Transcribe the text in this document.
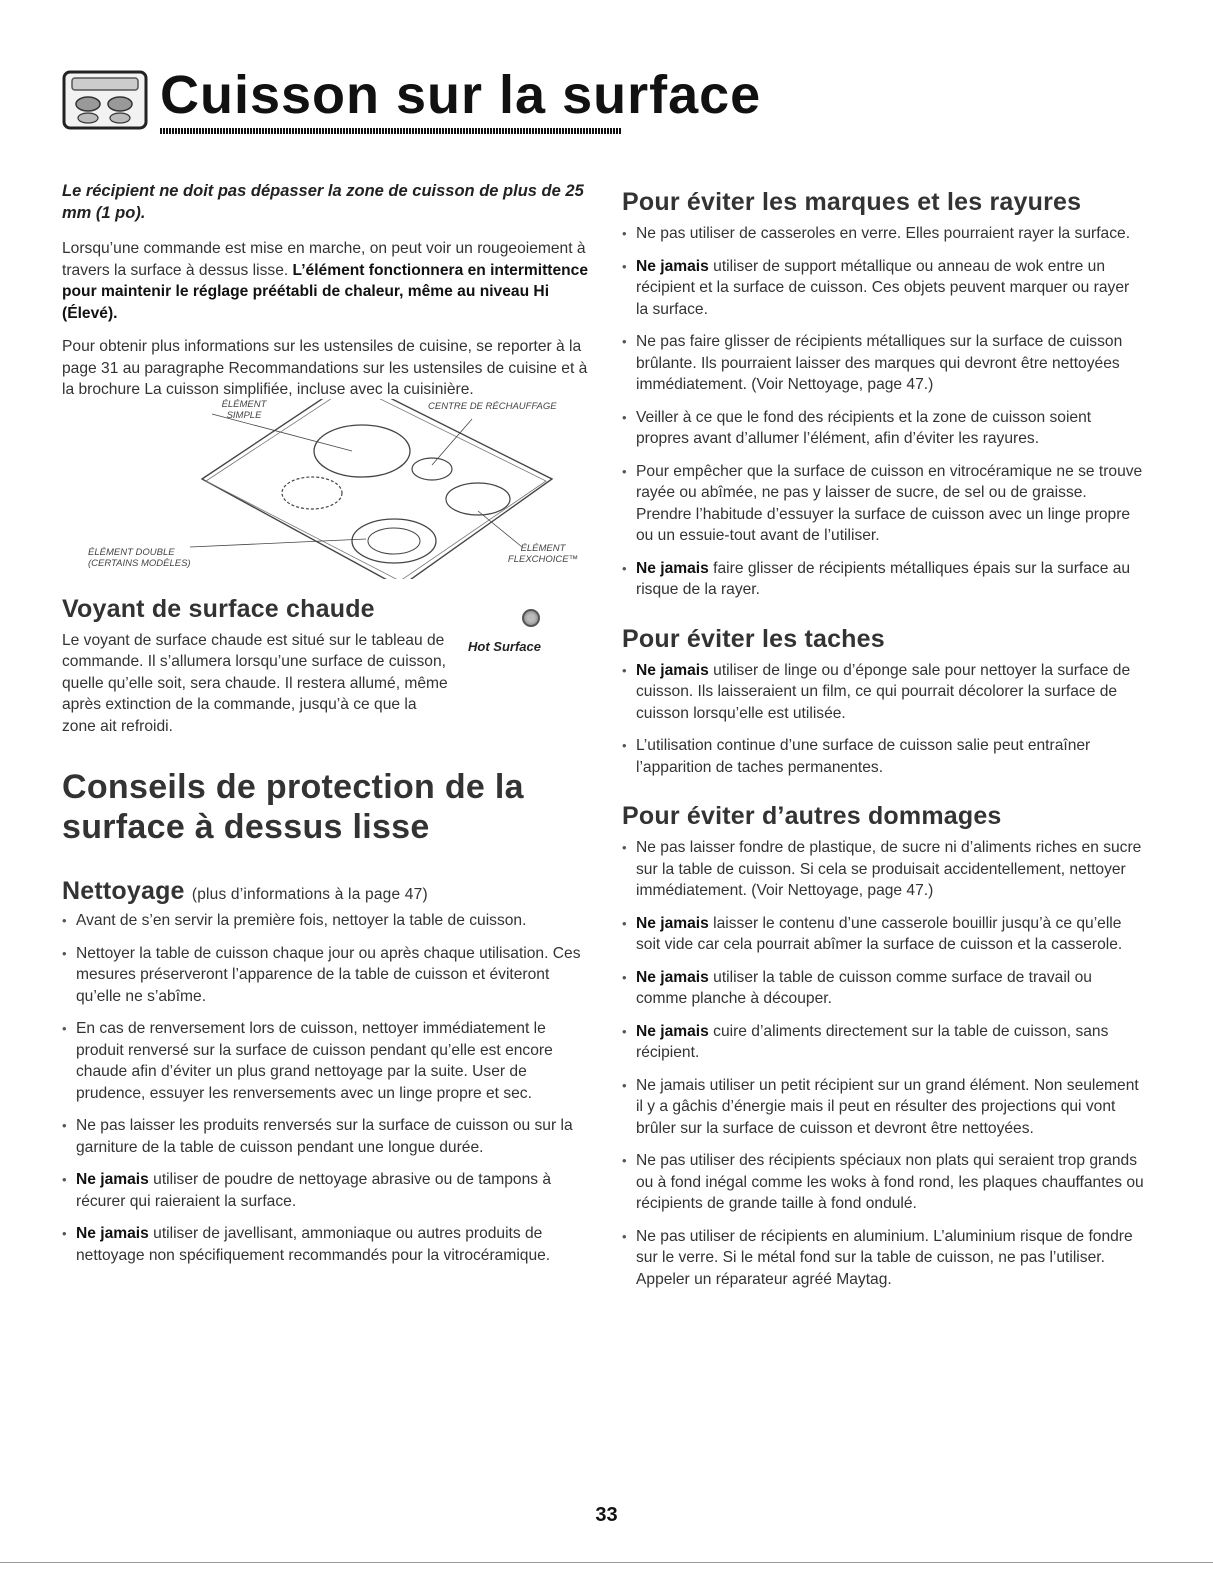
Cuisson sur la surface

Le récipient ne doit pas dépasser la zone de cuisson de plus de 25 mm (1 po).

Lorsqu’une commande est mise en marche, on peut voir un rougeoiement à travers la surface à dessus lisse. L’élément fonctionnera en intermittence pour maintenir le réglage préétabli de chaleur, même au niveau Hi (Élevé).

Pour obtenir plus informations sur les ustensiles de cuisine, se reporter à la page 31 au paragraphe Recommandations sur les ustensiles de cuisine et à la brochure La cuisson simplifiée, incluse avec la cuisinière.

ÉLÉMENT SIMPLE
CENTRE DE RÉCHAUFFAGE
ÉLÉMENT DOUBLE (CERTAINS MODÈLES)
ÉLÉMENT FLEXCHOICE™
Voyant de surface chaude
Hot Surface

Le voyant de surface chaude est situé sur le tableau de commande. Il s’allumera lorsqu’une surface de cuisson, quelle qu’elle soit, sera chaude. Il restera allumé, même après extinction de la commande, jusqu’à ce que la zone ait refroidi.

Conseils de protection de la surface à dessus lisse
Nettoyage (plus d’informations à la page 47)
• Avant de s’en servir la première fois, nettoyer la table de cuisson.
• Nettoyer la table de cuisson chaque jour ou après chaque utilisation. Ces mesures préserveront l’apparence de la table de cuisson et éviteront qu’elle ne s’abîme.
• En cas de renversement lors de cuisson, nettoyer immédiatement le produit renversé sur la surface de cuisson pendant qu’elle est encore chaude afin d’éviter un plus grand nettoyage par la suite. User de prudence, essuyer les renversements avec un linge propre et sec.
• Ne pas laisser les produits renversés sur la surface de cuisson ou sur la garniture de la table de cuisson pendant une longue durée.
• Ne jamais utiliser de poudre de nettoyage abrasive ou de tampons à récurer qui raieraient la surface.
• Ne jamais utiliser de javellisant, ammoniaque ou autres produits de nettoyage non spécifiquement recommandés pour la vitrocéramique.
Pour éviter les marques et les rayures
• Ne pas utiliser de casseroles en verre. Elles pourraient rayer la surface.
• Ne jamais utiliser de support métallique ou anneau de wok entre un récipient et la surface de cuisson. Ces objets peuvent marquer ou rayer la surface.
• Ne pas faire glisser de récipients métalliques sur la surface de cuisson brûlante. Ils pourraient laisser des marques qui devront être nettoyées immédiatement. (Voir Nettoyage, page 47.)
• Veiller à ce que le fond des récipients et la zone de cuisson soient propres avant d’allumer l’élément, afin d’éviter les rayures.
• Pour empêcher que la surface de cuisson en vitrocéramique ne se trouve rayée ou abîmée, ne pas y laisser de sucre, de sel ou de graisse. Prendre l’habitude d’essuyer la surface de cuisson avec un linge propre ou un essuie-tout avant de l’utiliser.
• Ne jamais faire glisser de récipients métalliques épais sur la surface au risque de la rayer.
Pour éviter les taches
• Ne jamais utiliser de linge ou d’éponge sale pour nettoyer la surface de cuisson. Ils laisseraient un film, ce qui pourrait décolorer la surface de cuisson lorsqu’elle est utilisée.
• L’utilisation continue d’une surface de cuisson salie peut entraîner l’apparition de taches permanentes.
Pour éviter d’autres dommages
• Ne pas laisser fondre de plastique, de sucre ni d’aliments riches en sucre sur la table de cuisson. Si cela se produisait accidentellement, nettoyer immédiatement. (Voir Nettoyage, page 47.)
• Ne jamais laisser le contenu d’une casserole bouillir jusqu’à ce qu’elle soit vide car cela pourrait abîmer la surface de cuisson et la casserole.
• Ne jamais utiliser la table de cuisson comme surface de travail ou comme planche à découper.
• Ne jamais cuire d’aliments directement sur la table de cuisson, sans récipient.
• Ne jamais utiliser un petit récipient sur un grand élément. Non seulement il y a gâchis d’énergie mais il peut en résulter des projections qui vont brûler sur la surface de cuisson et devront être nettoyées.
• Ne pas utiliser des récipients spéciaux non plats qui seraient trop grands ou à fond inégal comme les woks à fond rond, les plaques chauffantes ou récipients de grande taille à fond ondulé.
• Ne pas utiliser de récipients en aluminium. L’aluminium risque de fondre sur le verre. Si le métal fond sur la table de cuisson, ne pas l’utiliser. Appeler un réparateur agréé Maytag.
33
